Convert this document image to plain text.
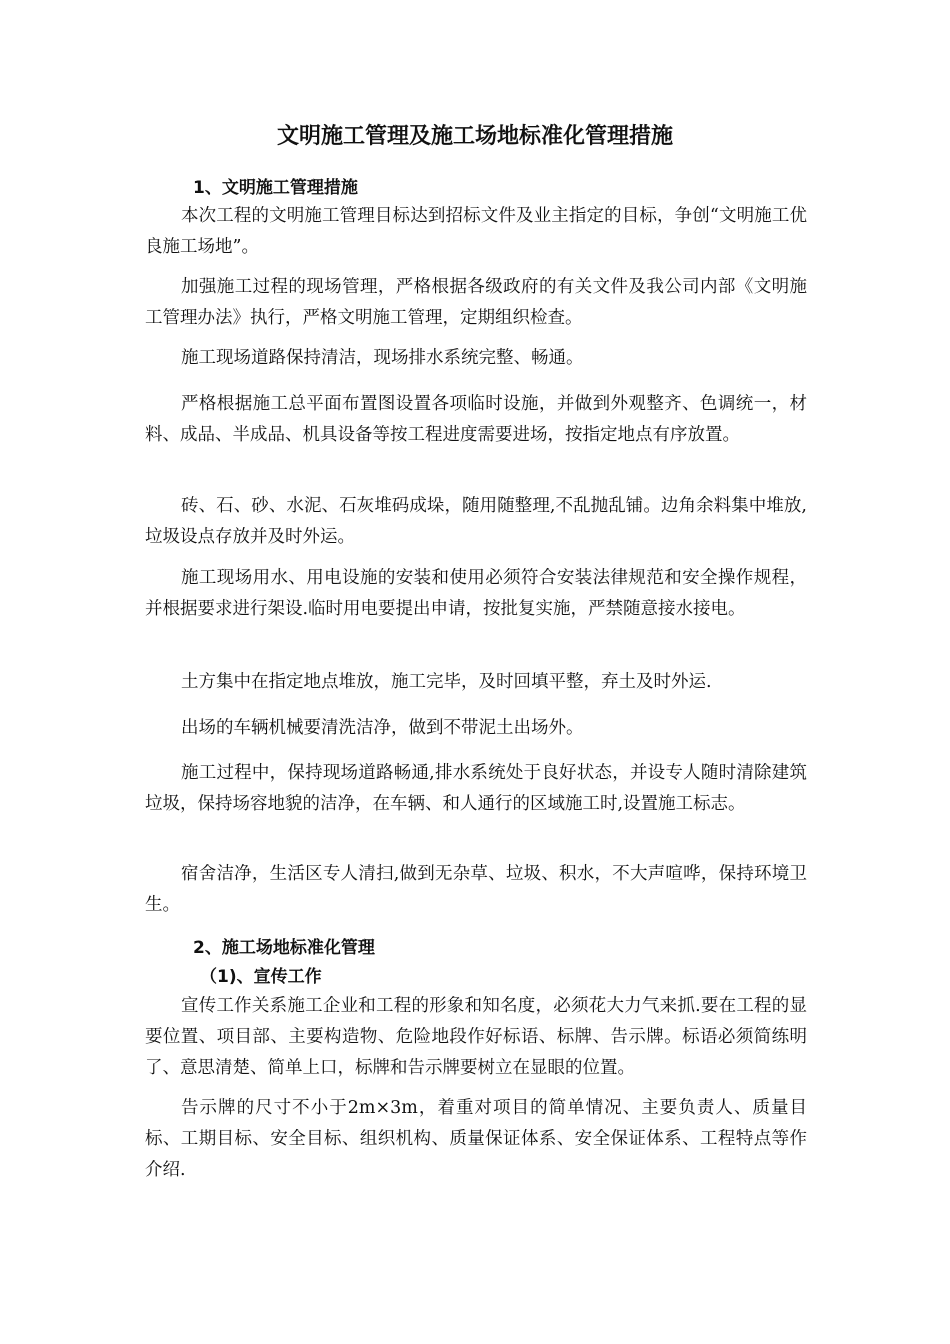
文明施工管理及施工场地标准化管理措施
1、文明施工管理措施

本次工程的文明施工管理目标达到招标文件及业主指定的目标，争创“文明施工优良施工场地”。

加强施工过程的现场管理，严格根据各级政府的有关文件及我公司内部《文明施工管理办法》执行，严格文明施工管理，定期组织检查。

施工现场道路保持清洁，现场排水系统完整、畅通。

严格根据施工总平面布置图设置各项临时设施，并做到外观整齐、色调统一，材料、成品、半成品、机具设备等按工程进度需要进场，按指定地点有序放置。

砖、石、砂、水泥、石灰堆码成垛，随用随整理,不乱抛乱铺。边角余料集中堆放,垃圾设点存放并及时外运。

施工现场用水、用电设施的安装和使用必须符合安装法律规范和安全操作规程，并根据要求进行架设.临时用电要提出申请，按批复实施，严禁随意接水接电。

土方集中在指定地点堆放，施工完毕，及时回填平整，弃土及时外运.

出场的车辆机械要清洗洁净，做到不带泥土出场外。

施工过程中，保持现场道路畅通,排水系统处于良好状态，并设专人随时清除建筑垃圾，保持场容地貌的洁净，在车辆、和人通行的区域施工时,设置施工标志。

宿舍洁净，生活区专人清扫,做到无杂草、垃圾、积水，不大声喧哗，保持环境卫生。

2、施工场地标准化管理
（1)、宣传工作

宣传工作关系施工企业和工程的形象和知名度，必须花大力气来抓.要在工程的显要位置、项目部、主要构造物、危险地段作好标语、标牌、告示牌。标语必须简练明了、意思清楚、简单上口，标牌和告示牌要树立在显眼的位置。

告示牌的尺寸不小于2m×3m，着重对项目的简单情况、主要负责人、质量目标、工期目标、安全目标、组织机构、质量保证体系、安全保证体系、工程特点等作介绍.
